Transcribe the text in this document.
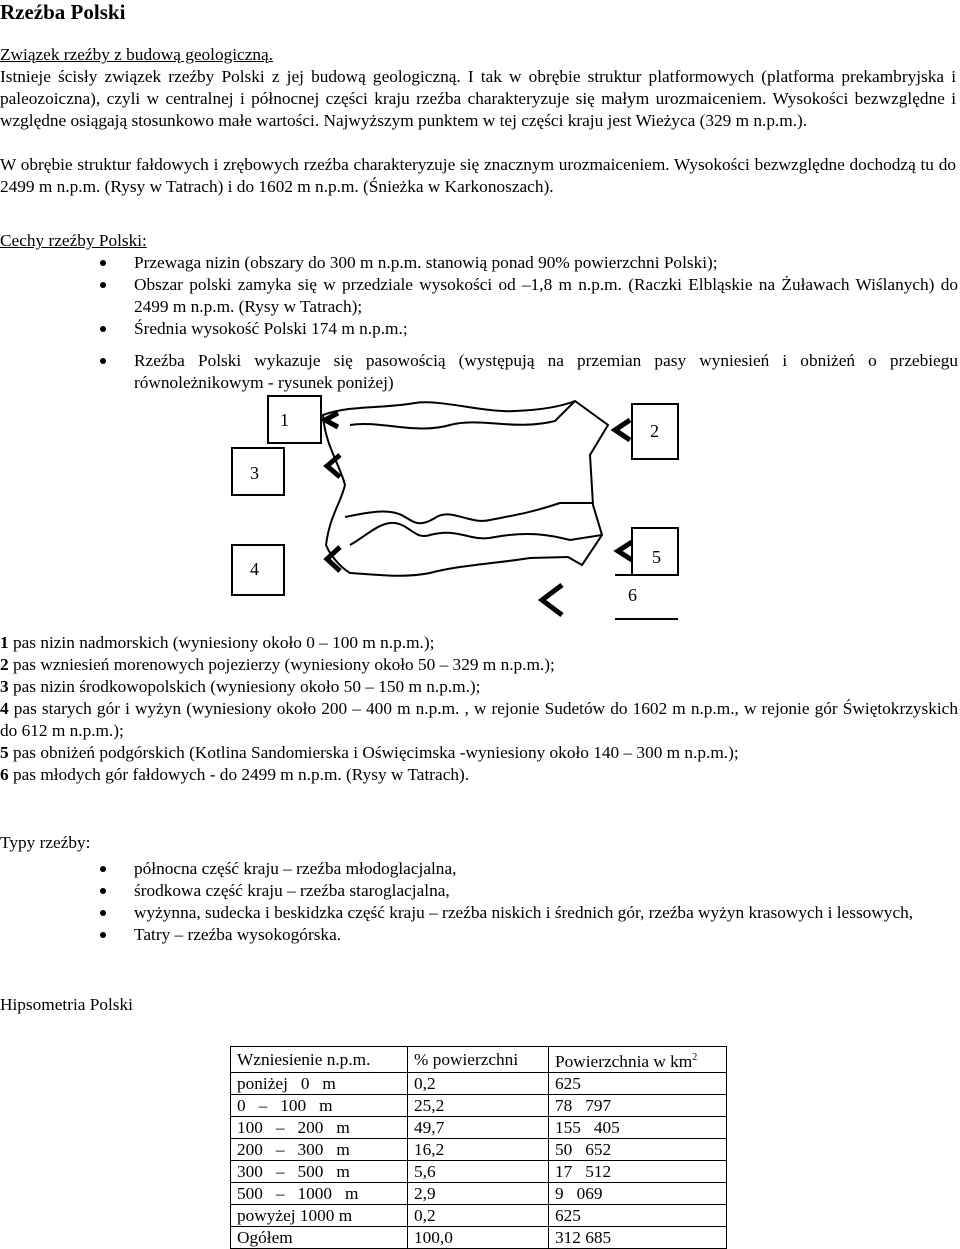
Rzeźba Polski
Związek rzeźby z budową geologiczną.
Istnieje ścisły związek rzeźby Polski z jej budową geologiczną. I tak w obrębie struktur platformowych (platforma prekambryjska i paleozoiczna), czyli w centralnej i północnej części kraju rzeźba charakteryzuje się małym urozmaiceniem. Wysokości bezwzględne i względne osiągają stosunkowo małe wartości. Najwyższym punktem w tej części kraju jest Wieżyca (329 m n.p.m.).
W obrębie struktur fałdowych i zrębowych rzeźba charakteryzuje się znacznym urozmaiceniem. Wysokości bezwzględne dochodzą tu do 2499 m n.p.m. (Rysy w Tatrach) i do 1602 m n.p.m. (Śnieżka w Karkonoszach).
Cechy rzeźby Polski:
Przewaga nizin (obszary do 300 m n.p.m. stanowią ponad 90% powierzchni Polski);
Obszar polski zamyka się w przedziale wysokości od –1,8 m n.p.m. (Raczki Elbląskie na Żuławach Wiślanych) do 2499 m n.p.m. (Rysy w Tatrach);
Średnia wysokość Polski 174 m n.p.m.;
Rzeźba Polski wykazuje się pasowością (występują na przemian pasy wyniesień i obniżeń o przebiegu równoleżnikowym - rysunek poniżej)
1
2
3
4
5
6
1 pas nizin nadmorskich (wyniesiony około 0 – 100 m n.p.m.);
2 pas wzniesień morenowych pojezierzy (wyniesiony około 50 – 329 m n.p.m.);
3 pas nizin środkowopolskich (wyniesiony około 50 – 150 m n.p.m.);
4 pas starych gór i wyżyn (wyniesiony około 200 – 400 m n.p.m. , w rejonie Sudetów do 1602 m n.p.m., w rejonie gór Świętokrzyskich do 612 m n.p.m.);
5 pas obniżeń podgórskich (Kotlina Sandomierska i Oświęcimska -wyniesiony około 140 – 300 m n.p.m.);
6 pas młodych gór fałdowych - do 2499 m n.p.m. (Rysy w Tatrach).
Typy rzeźby:
północna część kraju – rzeźba młodoglacjalna,
środkowa część kraju – rzeźba staroglacjalna,
wyżynna, sudecka i beskidzka część kraju – rzeźba niskich i średnich gór, rzeźba wyżyn krasowych i lessowych,
Tatry – rzeźba wysokogórska.
Hipsometria Polski
Wzniesienie n.p.m.	% powierzchni	Powierzchnia w $km^2$
poniżej   0   m	0,2	625
0   –   100   m	25,2	78   797
100   –   200   m	49,7	155   405
200   –   300   m	16,2	50   652
300   –   500   m	5,6	17   512
500   –   1000   m	2,9	9   069
powyżej 1000 m	0,2	625
Ogółem	100,0	312 685
